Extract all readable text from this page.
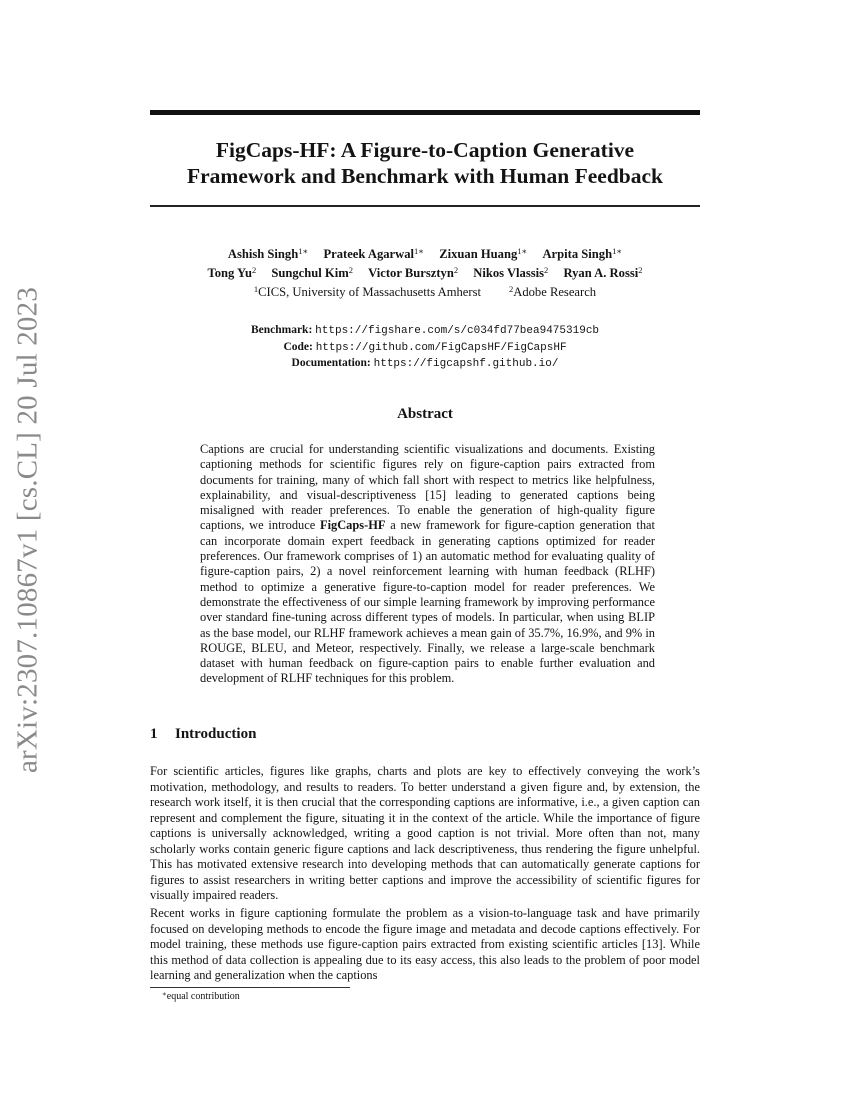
arXiv:2307.10867v1 [cs.CL] 20 Jul 2023
FigCaps-HF: A Figure-to-Caption Generative
Framework and Benchmark with Human Feedback
Ashish Singh$^{1∗}$ Prateek Agarwal$^{1∗}$ Zixuan Huang$^{1∗}$ Arpita Singh$^{1∗}$
Tong Yu$^2$ Sungchul Kim$^2$ Victor Bursztyn$^2$ Nikos Vlassis$^2$ Ryan A. Rossi$^2$
$^1$CICS, University of Massachusetts Amherst	$^2$Adobe Research
Benchmark: https://figshare.com/s/c034fd77bea9475319cb
Code: https://github.com/FigCapsHF/FigCapsHF
Documentation: https://figcapshf.github.io/
Abstract
Captions are crucial for understanding scientific visualizations and documents. Existing captioning methods for scientific figures rely on figure-caption pairs extracted from documents for training, many of which fall short with respect to metrics like helpfulness, explainability, and visual-descriptiveness [15] leading to generated captions being misaligned with reader preferences. To enable the generation of high-quality figure captions, we introduce FigCaps-HF a new framework for figure-caption generation that can incorporate domain expert feedback in generating captions optimized for reader preferences. Our framework comprises of 1) an automatic method for evaluating quality of figure-caption pairs, 2) a novel reinforcement learning with human feedback (RLHF) method to optimize a generative figure-to-caption model for reader preferences. We demonstrate the effectiveness of our simple learning framework by improving performance over standard fine-tuning across different types of models. In particular, when using BLIP as the base model, our RLHF framework achieves a mean gain of 35.7%, 16.9%, and 9% in ROUGE, BLEU, and Meteor, respectively. Finally, we release a large-scale benchmark dataset with human feedback on figure-caption pairs to enable further evaluation and development of RLHF techniques for this problem.
1 Introduction
For scientific articles, figures like graphs, charts and plots are key to effectively conveying the work’s motivation, methodology, and results to readers. To better understand a given figure and, by extension, the research work itself, it is then crucial that the corresponding captions are informative, i.e., a given caption can represent and complement the figure, situating it in the context of the article. While the importance of figure captions is universally acknowledged, writing a good caption is not trivial. More often than not, many scholarly works contain generic figure captions and lack descriptiveness, thus rendering the figure unhelpful. This has motivated extensive research into developing methods that can automatically generate captions for figures to assist researchers in writing better captions and improve the accessibility of scientific figures for visually impaired readers.
Recent works in figure captioning formulate the problem as a vision-to-language task and have primarily focused on developing methods to encode the figure image and metadata and decode captions effectively. For model training, these methods use figure-caption pairs extracted from existing scientific articles [13]. While this method of data collection is appealing due to its easy access, this also leads to the problem of poor model learning and generalization when the captions
∗equal contribution
